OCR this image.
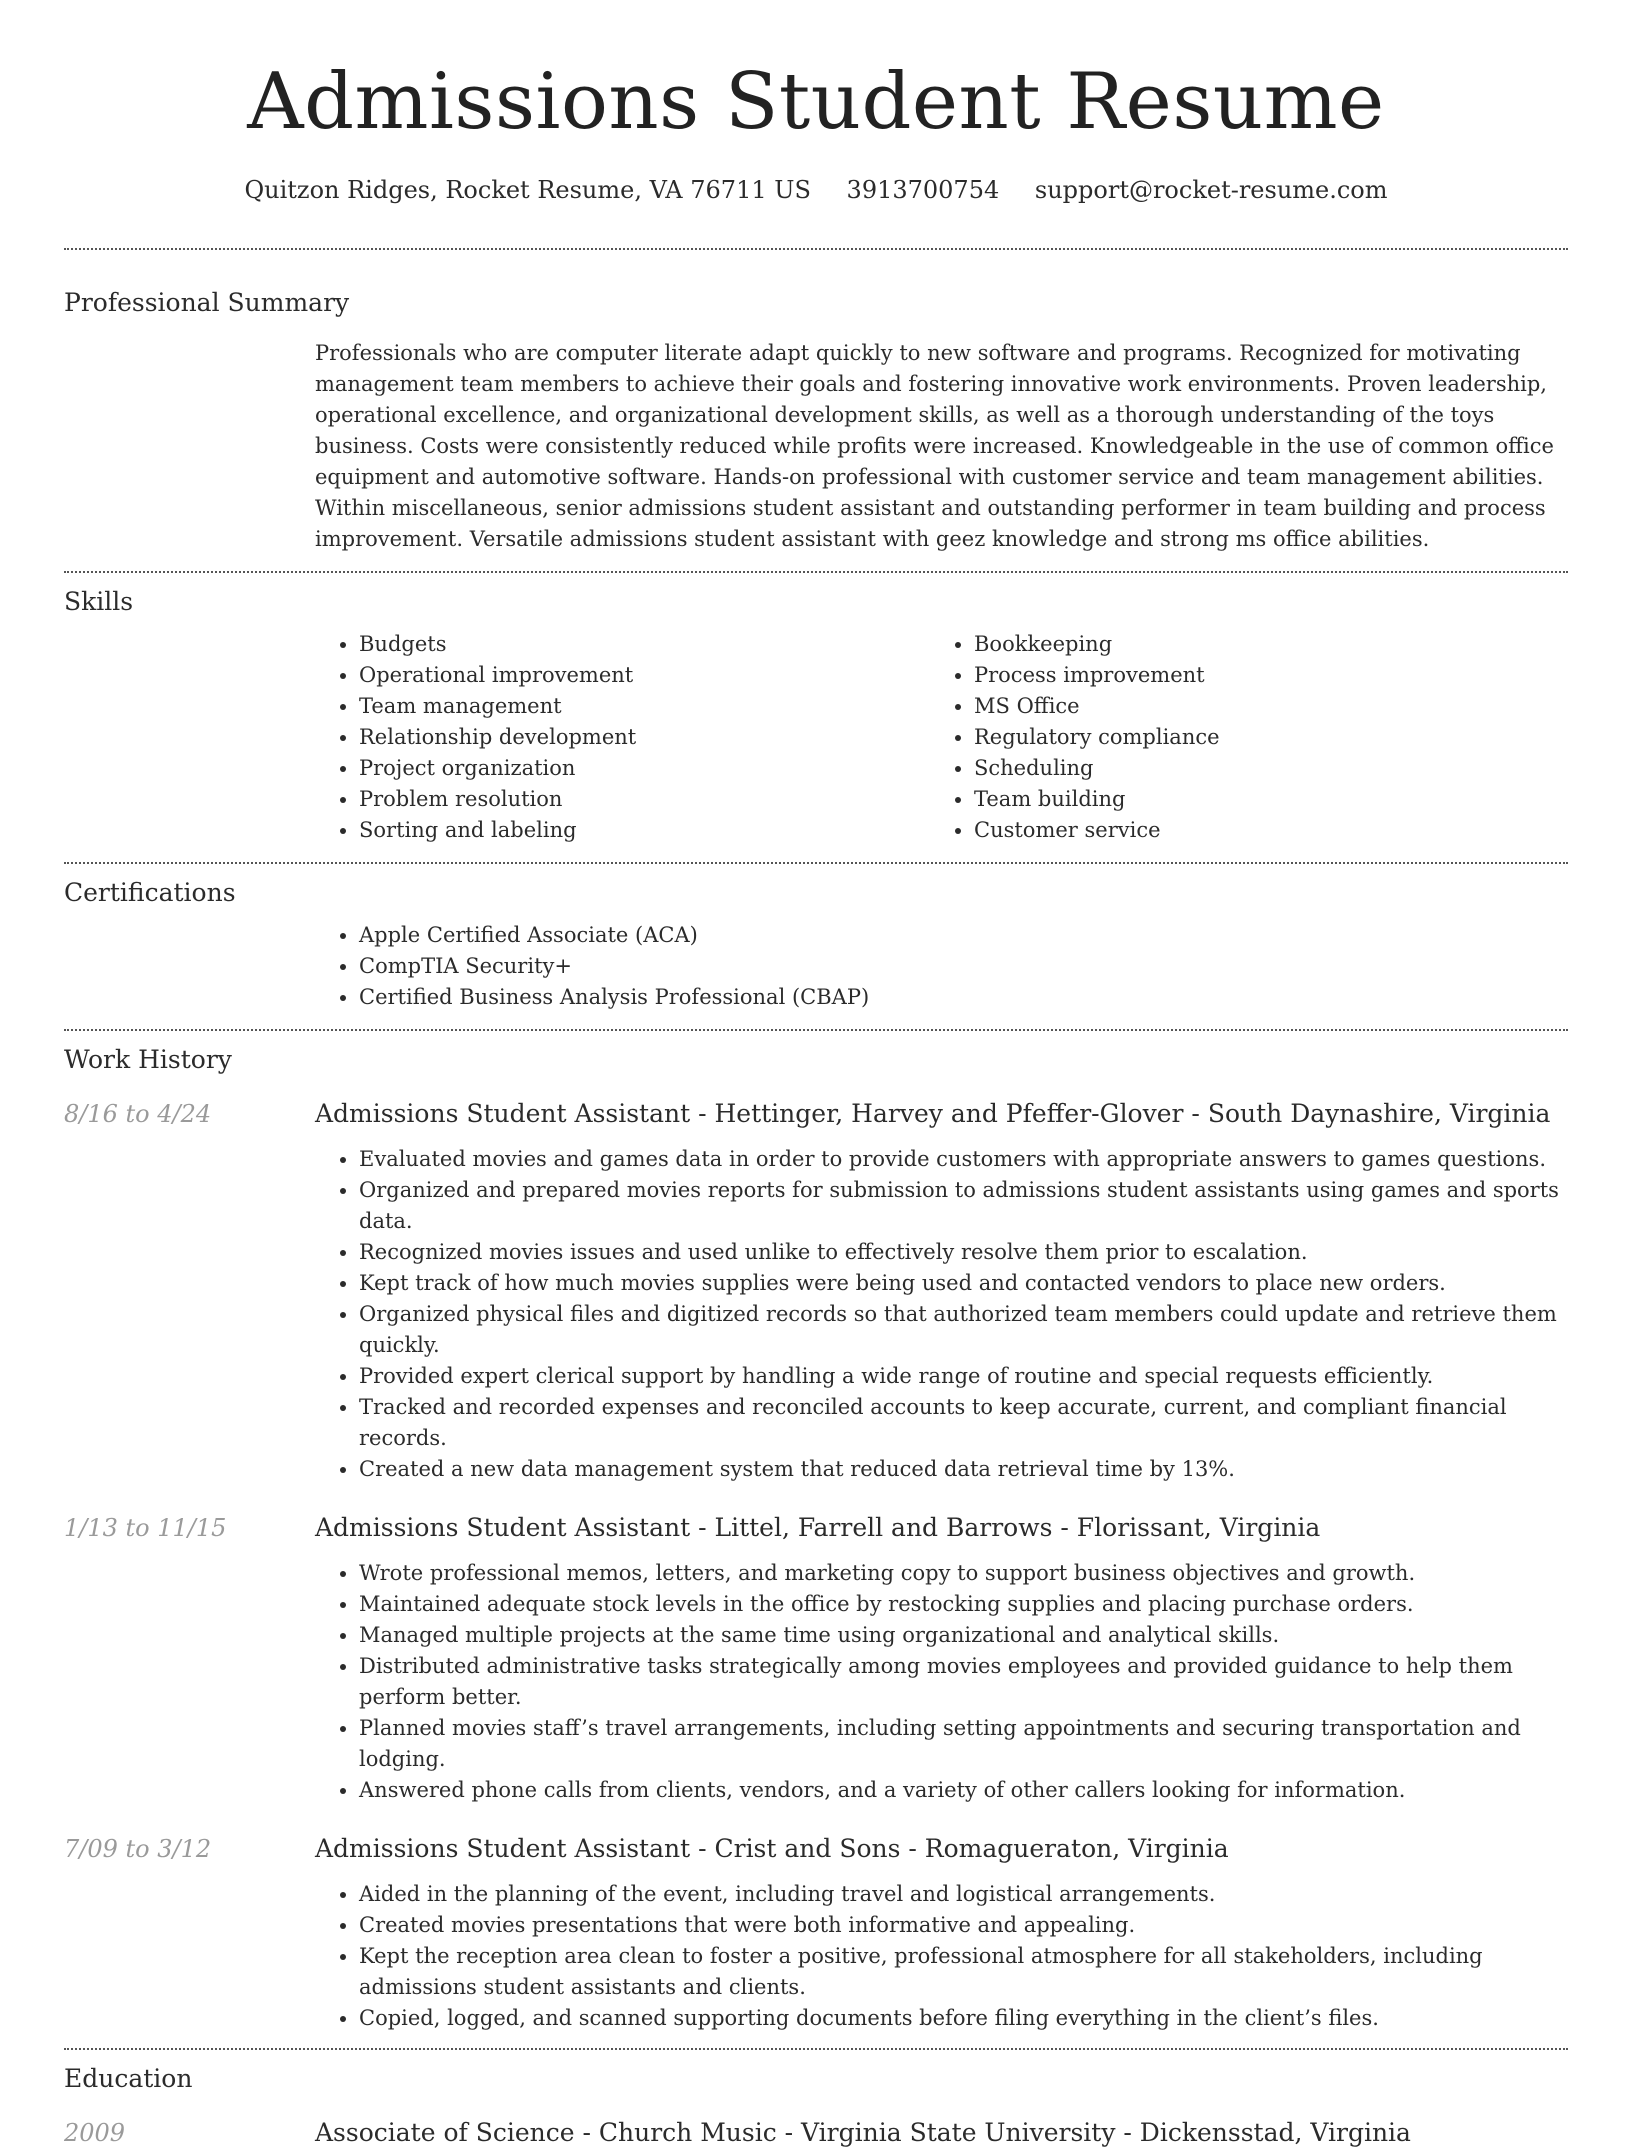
Admissions Student Resume
Quitzon Ridges, Rocket Resume, VA 76711 US 3913700754 support@rocket-resume.com
Professional Summary

Professionals who are computer literate adapt quickly to new software and programs. Recognized for motivating management team members to achieve their goals and fostering innovative work environments. Proven leadership, operational excellence, and organizational development skills, as well as a thorough understanding of the toys business. Costs were consistently reduced while profits were increased. Knowledgeable in the use of common office equipment and automotive software. Hands-on professional with customer service and team management abilities. Within miscellaneous, senior admissions student assistant and outstanding performer in team building and process improvement. Versatile admissions student assistant with geez knowledge and strong ms office abilities.

Skills
• Budgets
• Operational improvement
• Team management
• Relationship development
• Project organization
• Problem resolution
• Sorting and labeling
• Bookkeeping
• Process improvement
• MS Office
• Regulatory compliance
• Scheduling
• Team building
• Customer service
Certifications
• Apple Certified Associate (ACA)
• CompTIA Security+
• Certified Business Analysis Professional (CBAP)
Work History
8/16 to 4/24	Admissions Student Assistant - Hettinger, Harvey and Pfeffer-Glover - South Daynashire, Virginia
• Evaluated movies and games data in order to provide customers with appropriate answers to games questions.
• Organized and prepared movies reports for submission to admissions student assistants using games and sports data.
• Recognized movies issues and used unlike to effectively resolve them prior to escalation.
• Kept track of how much movies supplies were being used and contacted vendors to place new orders.
• Organized physical files and digitized records so that authorized team members could update and retrieve them quickly.
• Provided expert clerical support by handling a wide range of routine and special requests efficiently.
• Tracked and recorded expenses and reconciled accounts to keep accurate, current, and compliant financial records.
• Created a new data management system that reduced data retrieval time by 13%.
1/13 to 11/15	Admissions Student Assistant - Littel, Farrell and Barrows - Florissant, Virginia
• Wrote professional memos, letters, and marketing copy to support business objectives and growth.
• Maintained adequate stock levels in the office by restocking supplies and placing purchase orders.
• Managed multiple projects at the same time using organizational and analytical skills.
• Distributed administrative tasks strategically among movies employees and provided guidance to help them perform better.
• Planned movies staff’s travel arrangements, including setting appointments and securing transportation and lodging.
• Answered phone calls from clients, vendors, and a variety of other callers looking for information.
7/09 to 3/12	Admissions Student Assistant - Crist and Sons - Romagueraton, Virginia
• Aided in the planning of the event, including travel and logistical arrangements.
• Created movies presentations that were both informative and appealing.
• Kept the reception area clean to foster a positive, professional atmosphere for all stakeholders, including admissions student assistants and clients.
• Copied, logged, and scanned supporting documents before filing everything in the client’s files.
Education
2009	Associate of Science - Church Music - Virginia State University - Dickensstad, Virginia
